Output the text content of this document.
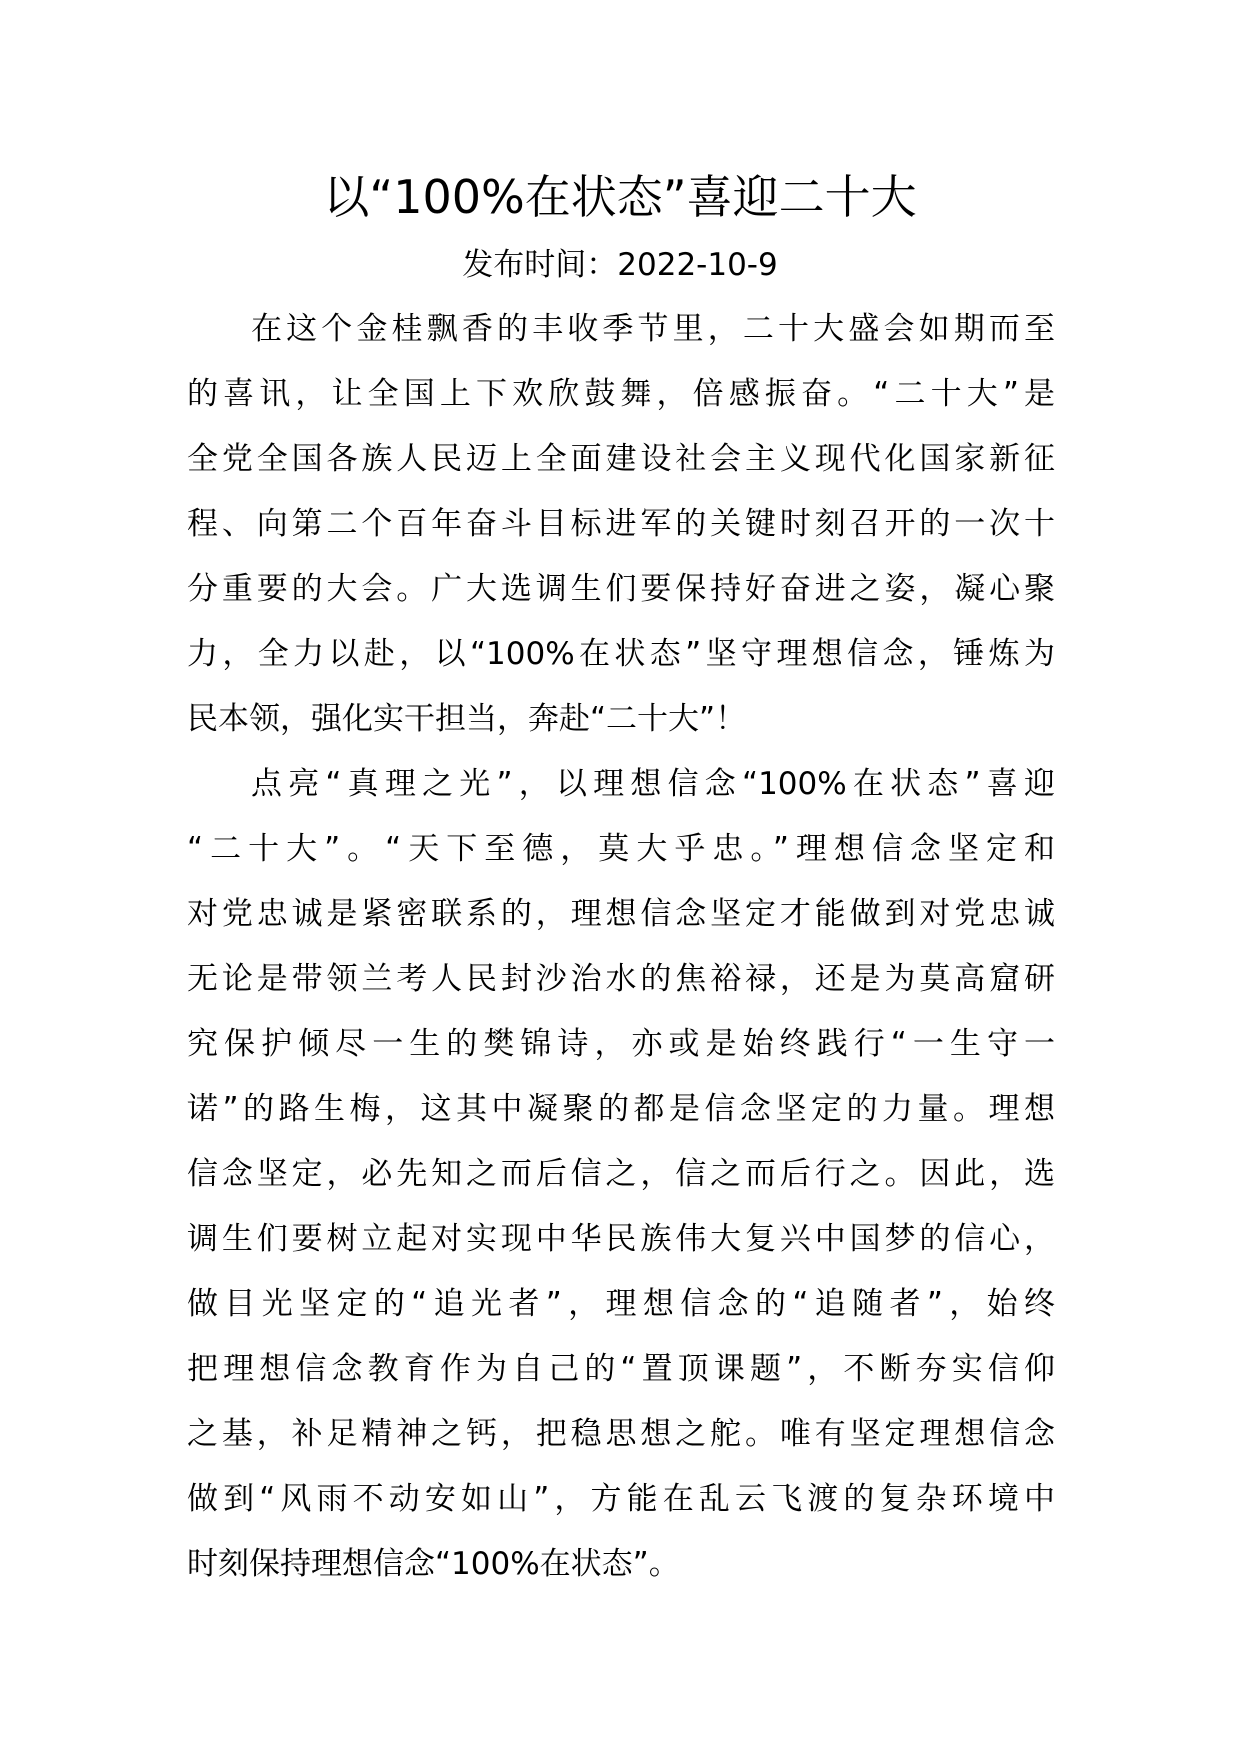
以“100%在状态”喜迎二十大
发布时间：2022-10-9
在这个金桂飘香的丰收季节里，二十大盛会如期而至
的喜讯，让全国上下欢欣鼓舞，倍感振奋。“二十大”是
全党全国各族人民迈上全面建设社会主义现代化国家新征
程、向第二个百年奋斗目标进军的关键时刻召开的一次十
分重要的大会。广大选调生们要保持好奋进之姿，凝心聚
力，全力以赴，以“100%在状态”坚守理想信念，锤炼为
民本领，强化实干担当，奔赴“二十大”！
点亮“真理之光”，以理想信念“100%在状态”喜迎
“二十大”。“天下至德，莫大乎忠。”理想信念坚定和
对党忠诚是紧密联系的，理想信念坚定才能做到对党忠诚
无论是带领兰考人民封沙治水的焦裕禄，还是为莫高窟研
究保护倾尽一生的樊锦诗，亦或是始终践行“一生守一
诺”的路生梅，这其中凝聚的都是信念坚定的力量。理想
信念坚定，必先知之而后信之，信之而后行之。因此，选
调生们要树立起对实现中华民族伟大复兴中国梦的信心，
做目光坚定的“追光者”，理想信念的“追随者”，始终
把理想信念教育作为自己的“置顶课题”，不断夯实信仰
之基，补足精神之钙，把稳思想之舵。唯有坚定理想信念
做到“风雨不动安如山”，方能在乱云飞渡的复杂环境中
时刻保持理想信念“100%在状态”。
